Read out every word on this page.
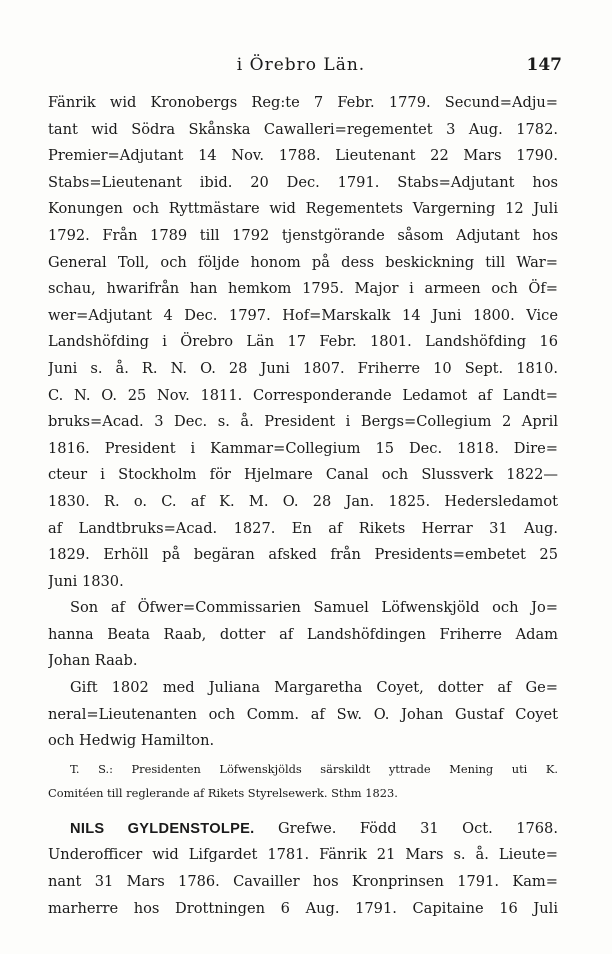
i Örebro Län.	147
Fänrik wid Kronobergs Reg:te 7 Febr. 1779. Secund=Adju=
tant wid Södra Skånska Cawalleri=regementet 3 Aug. 1782.
Premier=Adjutant 14 Nov. 1788. Lieutenant 22 Mars 1790.
Stabs=Lieutenant ibid. 20 Dec. 1791. Stabs=Adjutant hos
Konungen och Ryttmästare wid Regementets Vargerning 12 Juli
1792. Från 1789 till 1792 tjenstgörande såsom Adjutant hos
General Toll, och följde honom på dess beskickning till War=
schau, hwarifrån han hemkom 1795. Major i armeen och Öf=
wer=Adjutant 4 Dec. 1797. Hof=Marskalk 14 Juni 1800. Vice
Landshöfding i Örebro Län 17 Febr. 1801. Landshöfding 16
Juni s. å. R. N. O. 28 Juni 1807. Friherre 10 Sept. 1810.
C. N. O. 25 Nov. 1811. Corresponderande Ledamot af Landt=
bruks=Acad. 3 Dec. s. å. President i Bergs=Collegium 2 April
1816. President i Kammar=Collegium 15 Dec. 1818. Dire=
cteur i Stockholm för Hjelmare Canal och Slussverk 1822—
1830. R. o. C. af K. M. O. 28 Jan. 1825. Hedersledamot
af Landtbruks=Acad. 1827. En af Rikets Herrar 31 Aug.
1829. Erhöll på begäran afsked från Presidents=embetet 25
Juni 1830.
Son af Öfwer=Commissarien Samuel Löfwenskjöld och Jo=
hanna Beata Raab, dotter af Landshöfdingen Friherre Adam
Johan Raab.
Gift 1802 med Juliana Margaretha Coyet, dotter af Ge=
neral=Lieutenanten och Comm. af Sw. O. Johan Gustaf Coyet
och Hedwig Hamilton.
T. S.: Presidenten Löfwenskjölds särskildt yttrade Mening uti K.
Comitéen till reglerande af Rikets Styrelsewerk. Sthm 1823.
NILS GYLDENSTOLPE. Grefwe. Född 31 Oct. 1768.
Underofficer wid Lifgardet 1781. Fänrik 21 Mars s. å. Lieute=
nant 31 Mars 1786. Cavailler hos Kronprinsen 1791. Kam=
marherre hos Drottningen 6 Aug. 1791. Capitaine 16 Juli
